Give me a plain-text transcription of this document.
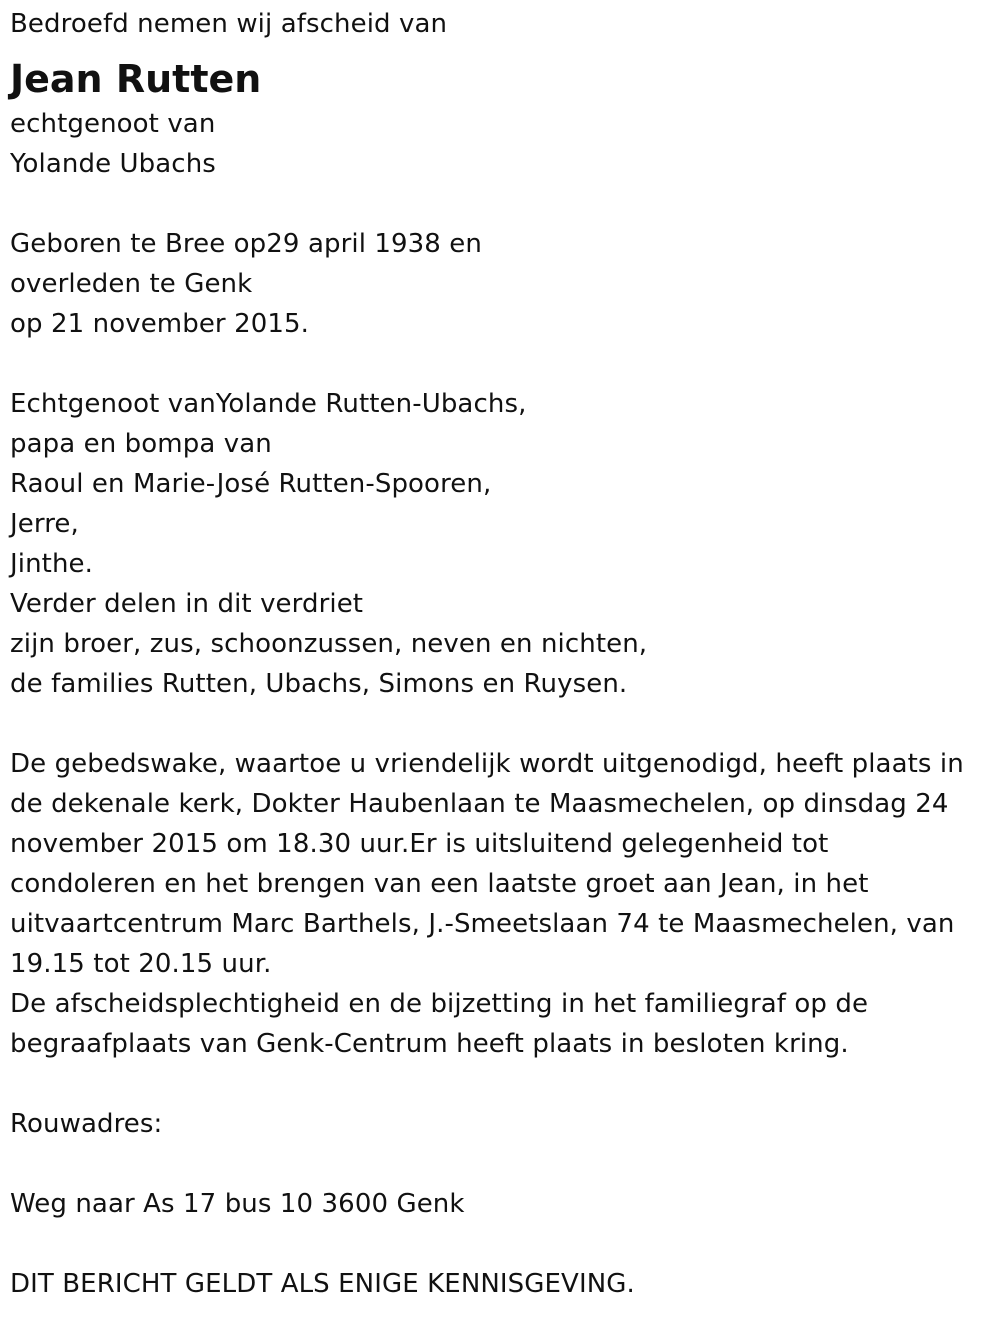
Bedroefd nemen wij afscheid van
Jean Rutten
echtgenoot van
Yolande Ubachs
Geboren te Bree op29 april 1938 en
overleden te Genk
op 21 november 2015.
Echtgenoot vanYolande Rutten-Ubachs,
papa en bompa van
Raoul en Marie-José Rutten-Spooren,
Jerre,
Jinthe.
Verder delen in dit verdriet
zijn broer, zus, schoonzussen, neven en nichten,
de families Rutten, Ubachs, Simons en Ruysen.
De gebedswake, waartoe u vriendelijk wordt uitgenodigd, heeft plaats in
de dekenale kerk, Dokter Haubenlaan te Maasmechelen, op dinsdag 24
november 2015 om 18.30 uur.Er is uitsluitend gelegenheid tot
condoleren en het brengen van een laatste groet aan Jean, in het
uitvaartcentrum Marc Barthels, J.-Smeetslaan 74 te Maasmechelen, van
19.15 tot 20.15 uur.
De afscheidsplechtigheid en de bijzetting in het familiegraf op de
begraafplaats van Genk-Centrum heeft plaats in besloten kring.
Rouwadres:
Weg naar As 17 bus 10 3600 Genk
DIT BERICHT GELDT ALS ENIGE KENNISGEVING.
